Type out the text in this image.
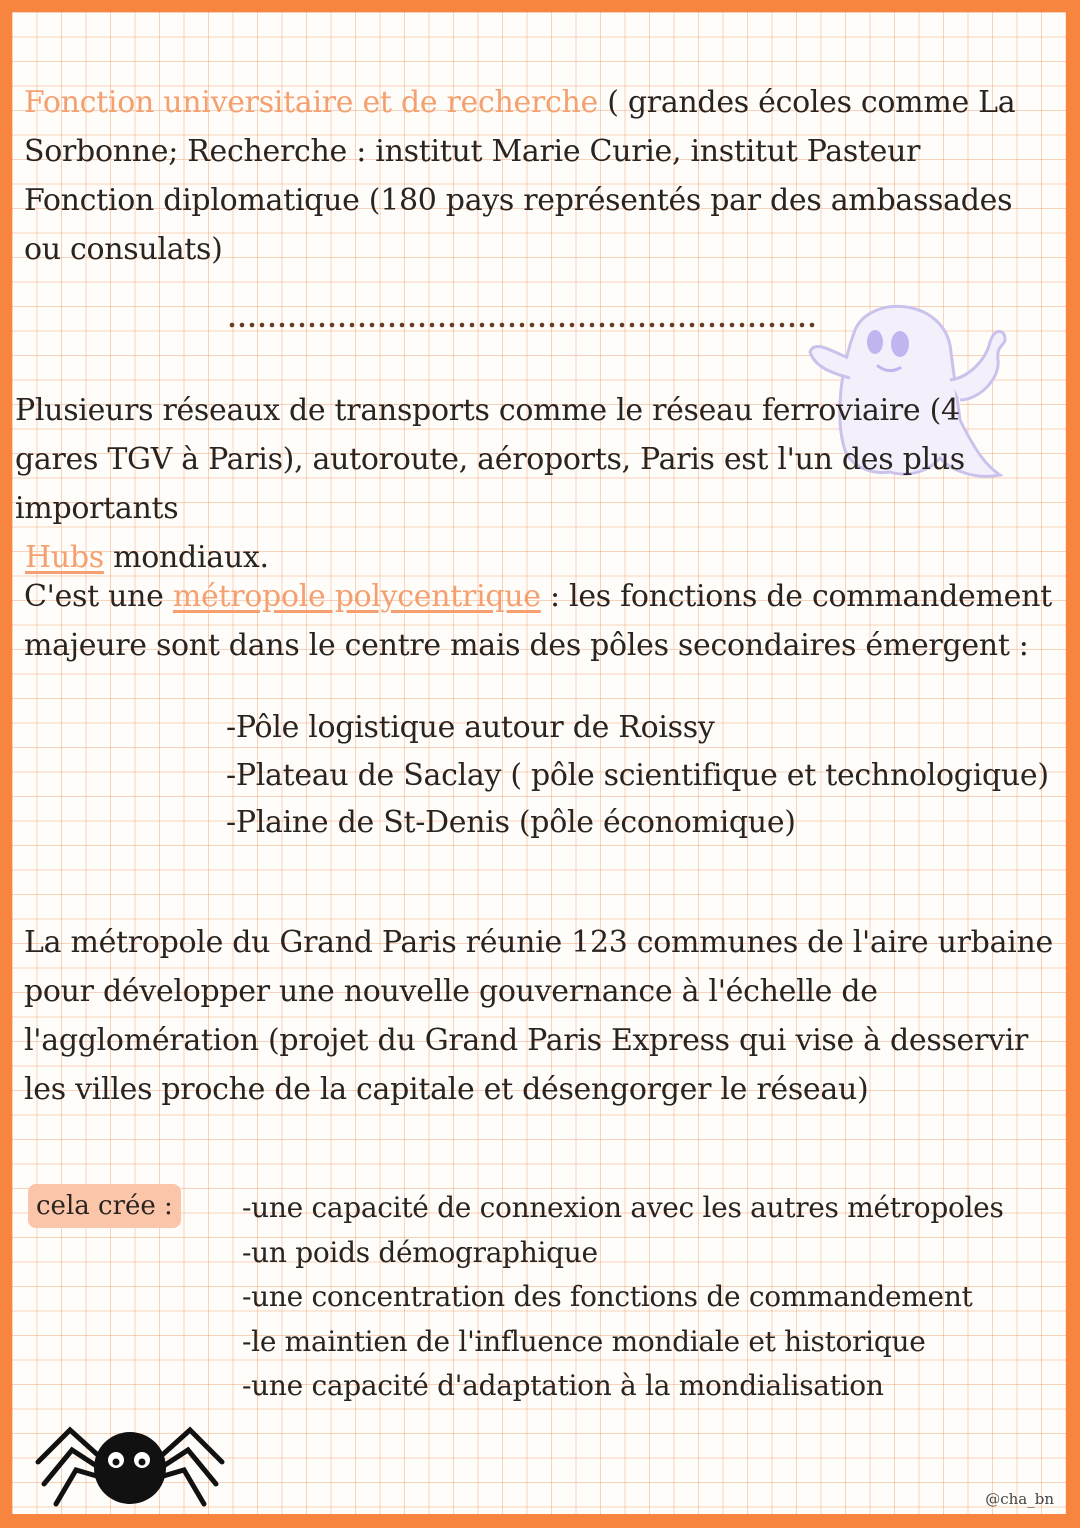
Fonction universitaire et de recherche ( grandes écoles comme La Sorbonne; Recherche : institut Marie Curie, institut Pasteur
Fonction diplomatique (180 pays représentés par des ambassades ou consulats)
Plusieurs réseaux de transports comme le réseau ferroviaire (4 gares TGV à Paris), autoroute, aéroports, Paris est l'un des plus importants
Hubs mondiaux.
C'est une métropole polycentrique : les fonctions de commandement majeure sont dans le centre mais des pôles secondaires émergent :
-Pôle logistique autour de Roissy
-Plateau de Saclay ( pôle scientifique et technologique)
-Plaine de St-Denis (pôle économique)
La métropole du Grand Paris réunie 123 communes de l'aire urbaine pour développer une nouvelle gouvernance à l'échelle de l'agglomération (projet du Grand Paris Express qui vise à desservir les villes proche de la capitale et désengorger le réseau)
cela crée : -une capacité de connexion avec les autres métropoles
-un poids démographique
-une concentration des fonctions de commandement
-le maintien de l'influence mondiale et historique
-une capacité d'adaptation à la mondialisation
@cha_bn
